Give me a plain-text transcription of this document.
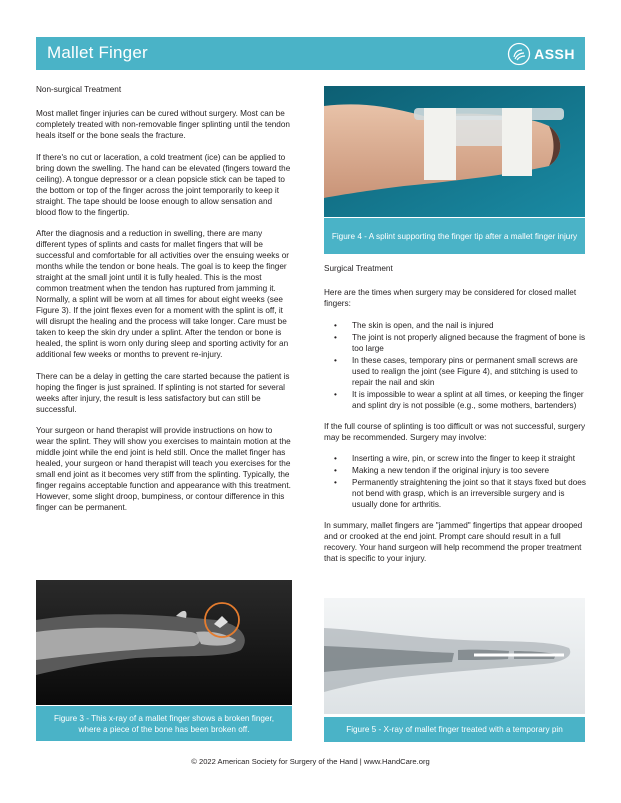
Mallet Finger	ASSH

Non-surgical Treatment

Most mallet finger injuries can be cured without surgery. Most can be completely treated with non-removable finger splinting until the tendon heals itself or the bone seals the fracture.

If there's no cut or laceration, a cold treatment (ice) can be applied to bring down the swelling. The hand can be elevated (fingers toward the ceiling). A tongue depressor or a clean popsicle stick can be taped to the bottom or top of the finger across the joint temporarily to keep it straight. The tape should be loose enough to allow sensation and blood flow to the fingertip.

After the diagnosis and a reduction in swelling, there are many different types of splints and casts for mallet fingers that will be successful and comfortable for all activities over the ensuing weeks or months while the tendon or bone heals. The goal is to keep the finger straight at the small joint until it is fully healed. This is the most common treatment when the tendon has ruptured from jamming it. Normally, a splint will be worn at all times for about eight weeks (see Figure 3). If the joint flexes even for a moment with the splint is off, it will disrupt the healing and the process will take longer. Care must be taken to keep the skin dry under a splint. After the tendon or bone is healed, the splint is worn only during sleep and sporting activity for an additional few weeks or months to prevent re-injury.

There can be a delay in getting the care started because the patient is hoping the finger is just sprained. If splinting is not started for several weeks after injury, the result is less satisfactory but can still be successful.

Your surgeon or hand therapist will provide instructions on how to wear the splint. They will show you exercises to maintain motion at the middle joint while the end joint is held still. Once the mallet finger has healed, your surgeon or hand therapist will teach you exercises for the small end joint as it becomes very stiff from the splinting. Typically, the finger regains acceptable function and appearance with this treatment. However, some slight droop, bumpiness, or contour difference in this finger can be permanent.

Figure 3 - This x-ray of a mallet finger shows a broken finger, where a piece of the bone has been broken off.
Figure 4 - A splint supporting the finger tip after a mallet finger injury

Surgical Treatment

Here are the times when surgery may be considered for closed mallet fingers:

• The skin is open, and the nail is injured
• The joint is not properly aligned because the fragment of bone is too large
• In these cases, temporary pins or permanent small screws are used to realign the joint (see Figure 4), and stitching is used to repair the nail and skin
• It is impossible to wear a splint at all times, or keeping the finger and splint dry is not possible (e.g., some mothers, bartenders)

If the full course of splinting is too difficult or was not successful, surgery may be recommended. Surgery may involve:

• Inserting a wire, pin, or screw into the finger to keep it straight
• Making a new tendon if the original injury is too severe
• Permanently straightening the joint so that it stays fixed but does not bend with grasp, which is an irreversible surgery and is usually done for arthritis.

In summary, mallet fingers are "jammed" fingertips that appear drooped and or crooked at the end joint. Prompt care should result in a full recovery. Your hand surgeon will help recommend the proper treatment that is specific to your injury.

Figure 5 - X-ray of mallet finger treated with a temporary pin
© 2022 American Society for Surgery of the Hand | www.HandCare.org
